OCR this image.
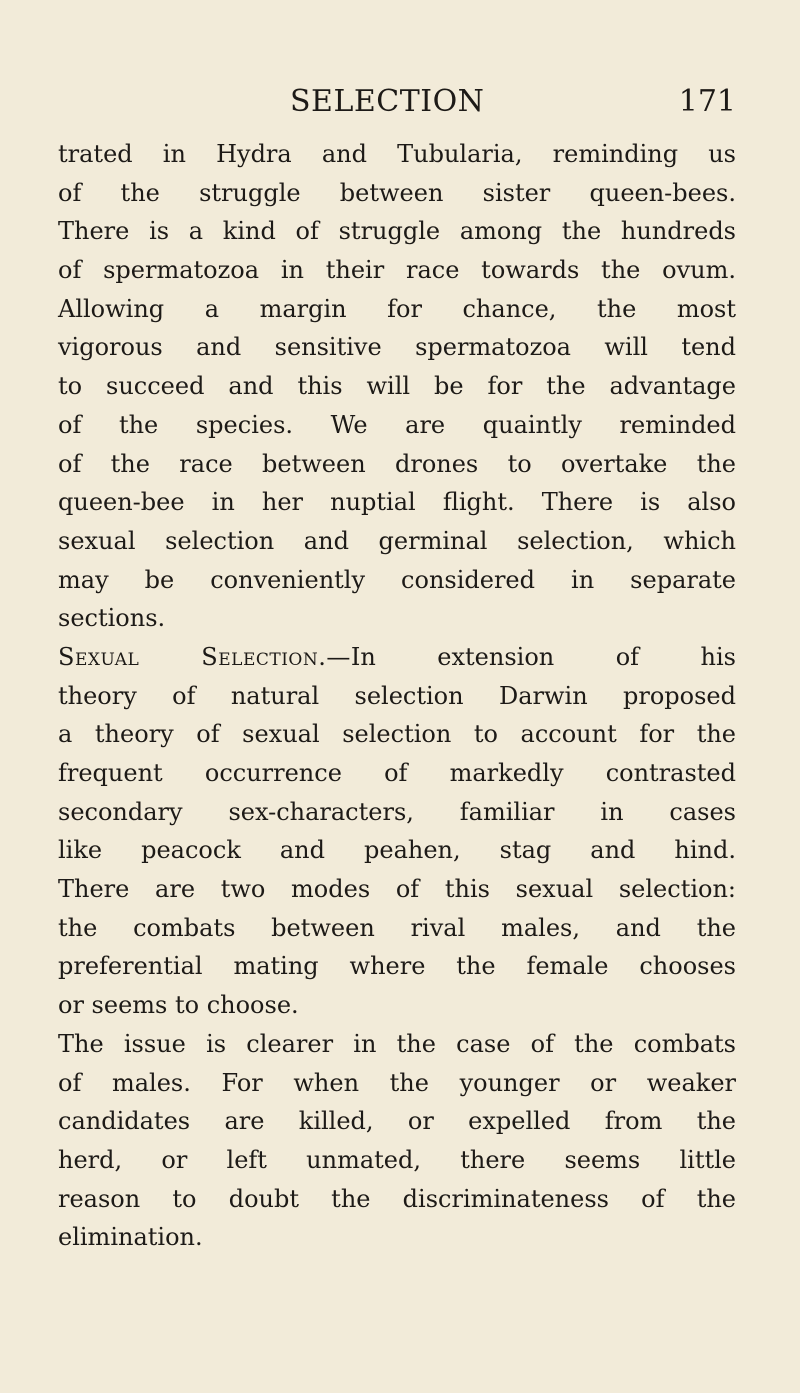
SELECTION	171
trated in Hydra and Tubularia, reminding us
of the struggle between sister queen-bees.
There is a kind of struggle among the hundreds
of spermatozoa in their race towards the ovum.
Allowing a margin for chance, the most
vigorous and sensitive spermatozoa will tend
to succeed and this will be for the advantage
of the species. We are quaintly reminded
of the race between drones to overtake the
queen-bee in her nuptial flight. There is also
sexual selection and germinal selection, which
may be conveniently considered in separate
sections.
Sexual Selection.—In extension of his
theory of natural selection Darwin proposed
a theory of sexual selection to account for the
frequent occurrence of markedly contrasted
secondary sex-characters, familiar in cases
like peacock and peahen, stag and hind.
There are two modes of this sexual selection:
the combats between rival males, and the
preferential mating where the female chooses
or seems to choose.
The issue is clearer in the case of the combats
of males. For when the younger or weaker
candidates are killed, or expelled from the
herd, or left unmated, there seems little
reason to doubt the discriminateness of the
elimination.
